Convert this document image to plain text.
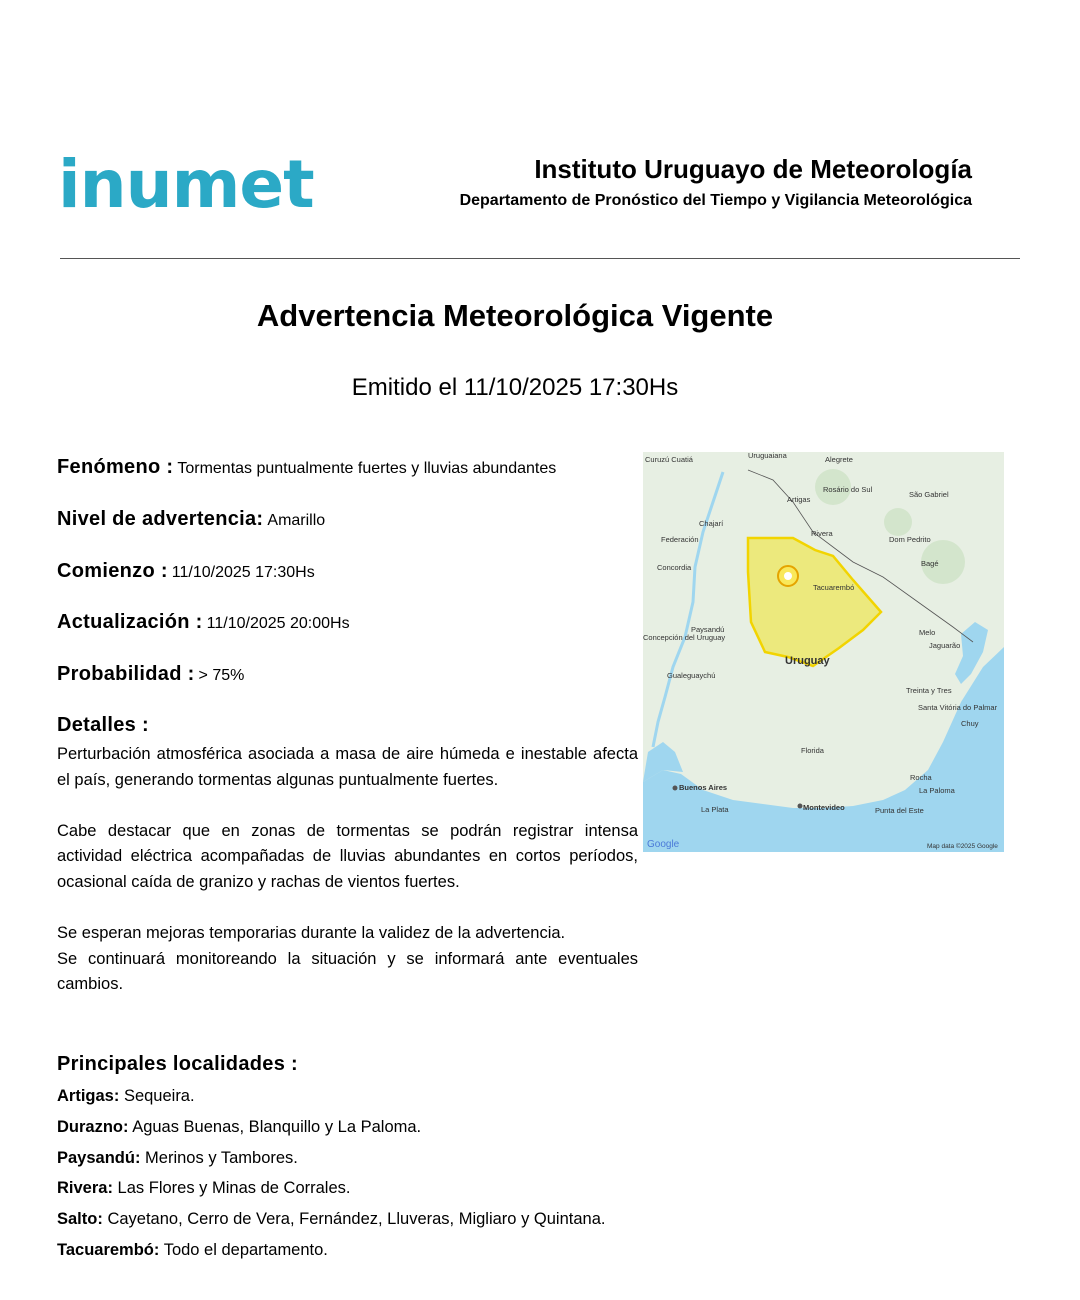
inumet	Instituto Uruguayo de Meteorología
Departamento de Pronóstico del Tiempo y Vigilancia Meteorológica
Advertencia Meteorológica Vigente
Emitido el 11/10/2025 17:30Hs
Fenómeno : Tormentas puntualmente fuertes y lluvias abundantes
Nivel de advertencia: Amarillo
Comienzo : 11/10/2025 17:30Hs
Actualización : 11/10/2025 20:00Hs
Probabilidad : > 75%
Detalles :

Perturbación atmosférica asociada a masa de aire húmeda e inestable afecta el país, generando tormentas algunas puntualmente fuertes.

Cabe destacar que en zonas de tormentas se podrán registrar intensa actividad eléctrica acompañadas de lluvias abundantes en cortos períodos, ocasional caída de granizo y rachas de vientos fuertes.

Se esperan mejoras temporarias durante la validez de la advertencia.

Se continuará monitoreando la situación y se informará ante eventuales cambios.

Principales localidades :
Artigas: Sequeira.
Durazno: Aguas Buenas, Blanquillo y La Paloma.
Paysandú: Merinos y Tambores.
Rivera: Las Flores y Minas de Corrales.
Salto: Cayetano, Cerro de Vera, Fernández, Lluveras, Migliaro y Quintana.
Tacuarembó: Todo el departamento.
Curuzú Cuatiá	Uruguaiana	Alegrete
Rosário do Sul
São Gabriel
Artigas
Chajarí
Federación
Rivera
Dom Pedrito
Bagé
Concordia
Tacuarembó
Paysandú
Concepción del Uruguay
Melo
Jaguarão
Uruguay
Gualeguaychú
Treinta y Tres
Santa Vitória do Palmar
Chuy
Florida
Rocha
La Paloma
Buenos Aires
La Plata	Montevideo	Punta del Este
Google	Map data ©2025 Google
